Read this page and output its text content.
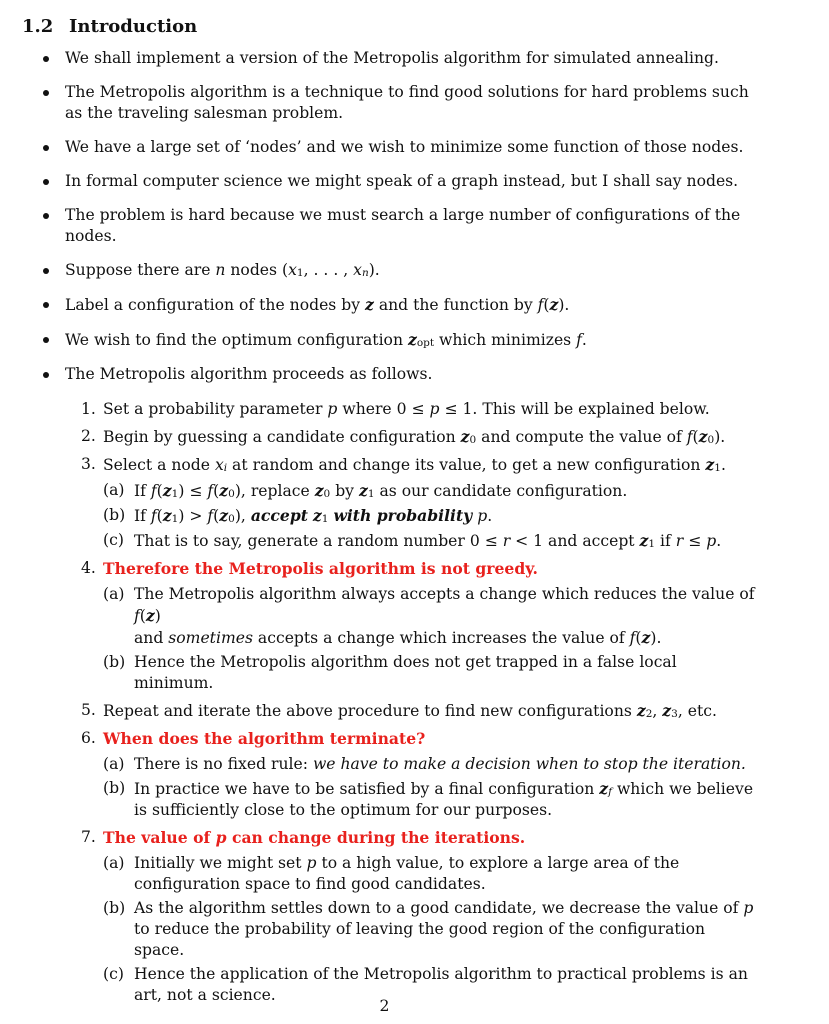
1.2 Introduction
We shall implement a version of the Metropolis algorithm for simulated annealing.
The Metropolis algorithm is a technique to find good solutions for hard problems such as the traveling salesman problem.
We have a large set of ‘nodes’ and we wish to minimize some function of those nodes.
In formal computer science we might speak of a graph instead, but I shall say nodes.
The problem is hard because we must search a large number of configurations of the nodes.
Suppose there are n nodes ($x_1$, . . . , $x_n$).
Label a configuration of the nodes by z and the function by f(z).
We wish to find the optimum configuration $z_{opt}$ which minimizes f.
The Metropolis algorithm proceeds as follows.
1. Set a probability parameter p where 0 ≤ p ≤ 1. This will be explained below.
2. Begin by guessing a candidate configuration $z_0$ and compute the value of $f(z_0)$.
3. Select a node $x_i$ at random and change its value, to get a new configuration $z_1$.
(a) If $f(z_1) \le f(z_0)$, replace $z_0$ by $z_1$ as our candidate configuration.
(b) If $f(z_1) > f(z_0)$, accept $z_1$ with probability p.
(c) That is to say, generate a random number 0 ≤ r < 1 and accept $z_1$ if r ≤ p.
4. Therefore the Metropolis algorithm is not greedy.
(a) The Metropolis algorithm always accepts a change which reduces the value of f(z)
and sometimes accepts a change which increases the value of f(z).
(b) Hence the Metropolis algorithm does not get trapped in a false local minimum.
5. Repeat and iterate the above procedure to find new configurations $z_2$, $z_3$, etc.
6. When does the algorithm terminate?
(a) There is no fixed rule: we have to make a decision when to stop the iteration.
(b) In practice we have to be satisfied by a final configuration $z_f$ which we believe is sufficiently close to the optimum for our purposes.
7. The value of p can change during the iterations.
(a) Initially we might set p to a high value, to explore a large area of the configuration space to find good candidates.
(b) As the algorithm settles down to a good candidate, we decrease the value of p to reduce the probability of leaving the good region of the configuration space.
(c) Hence the application of the Metropolis algorithm to practical problems is an art, not a science.
2
